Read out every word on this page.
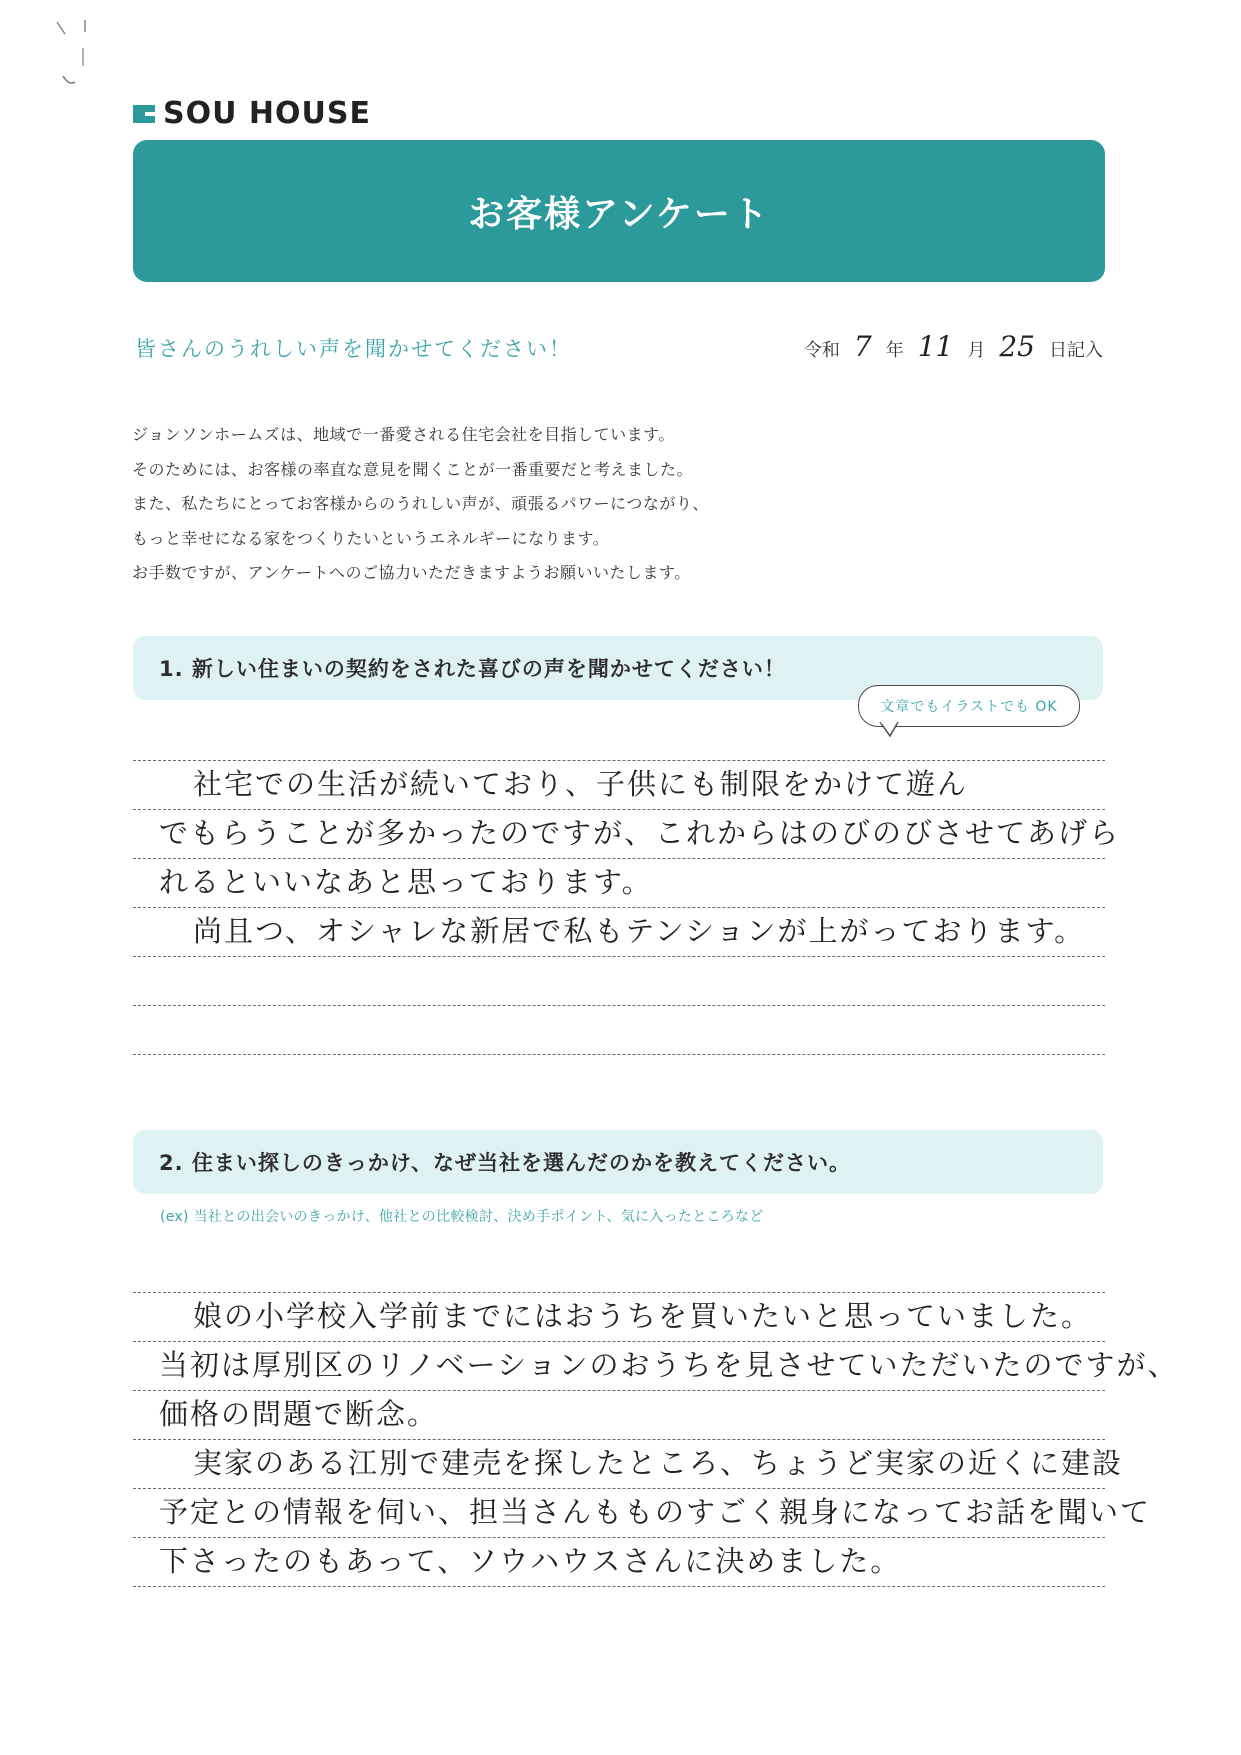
SOU HOUSE
お客様アンケート
皆さんのうれしい声を聞かせてください！	令和 7 年 11 月 25 日記入
ジョンソンホームズは、地域で一番愛される住宅会社を目指しています。
そのためには、お客様の率直な意見を聞くことが一番重要だと考えました。
また、私たちにとってお客様からのうれしい声が、頑張るパワーにつながり、
もっと幸せになる家をつくりたいというエネルギーになります。
お手数ですが、アンケートへのご協力いただきますようお願いいたします。
1. 新しい住まいの契約をされた喜びの声を聞かせてください！
文章でもイラストでも OK
社宅での生活が続いており、子供にも制限をかけて遊ん
でもらうことが多かったのですが、これからはのびのびさせてあげら
れるといいなあと思っております。
尚且つ、オシャレな新居で私もテンションが上がっております。
2. 住まい探しのきっかけ、なぜ当社を選んだのかを教えてください。
(ex) 当社との出会いのきっかけ、他社との比較検討、決め手ポイント、気に入ったところなど
娘の小学校入学前までにはおうちを買いたいと思っていました。
当初は厚別区のリノベーションのおうちを見させていただいたのですが、
価格の問題で断念。
実家のある江別で建売を探したところ、ちょうど実家の近くに建設
予定との情報を伺い、担当さんもものすごく親身になってお話を聞いて
下さったのもあって、ソウハウスさんに決めました。
